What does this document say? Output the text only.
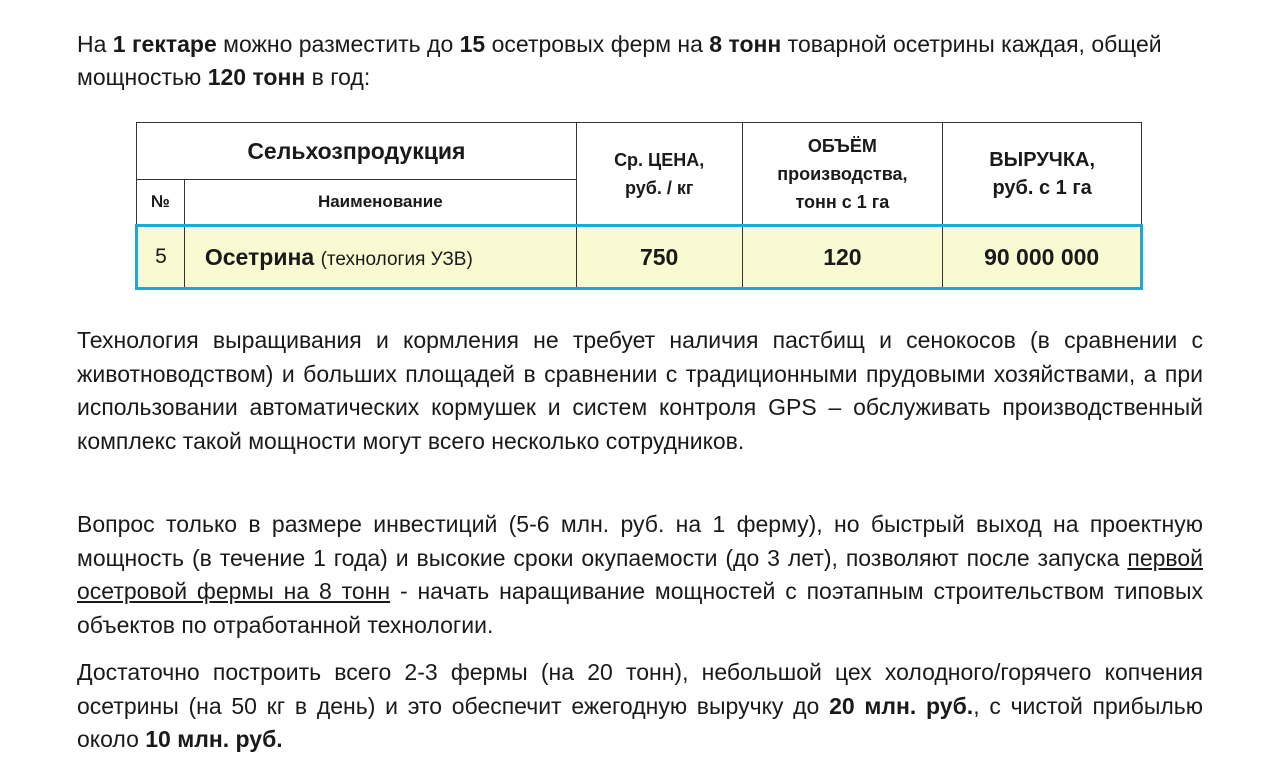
На 1 гектаре можно разместить до 15 осетровых ферм на 8 тонн товарной осетрины каждая, общей мощностью 120 тонн в год:

Сельхозпродукция		Ср. ЦЕНА, руб. / кг	ОБЪЁМ производства, тонн с 1 га	ВЫРУЧКА, руб. с 1 га

№	Наименование			
5	Осетрина (технология УЗВ)	750	120	90 000 000

Технология выращивания и кормления не требует наличия пастбищ и сенокосов (в сравнении с животноводством) и больших площадей в сравнении с традиционными прудовыми хозяйствами, а при использовании автоматических кормушек и систем контроля GPS – обслуживать производственный комплекс такой мощности могут всего несколько сотрудников.

Вопрос только в размере инвестиций (5-6 млн. руб. на 1 ферму), но быстрый выход на проектную мощность (в течение 1 года) и высокие сроки окупаемости (до 3 лет), позволяют после запуска первой осетровой фермы на 8 тонн - начать наращивание мощностей с поэтапным строительством типовых объектов по отработанной технологии.

Достаточно построить всего 2-3 фермы (на 20 тонн), небольшой цех холодного/горячего копчения осетрины (на 50 кг в день) и это обеспечит ежегодную выручку до 20 млн. руб., с чистой прибылью около 10 млн. руб.
